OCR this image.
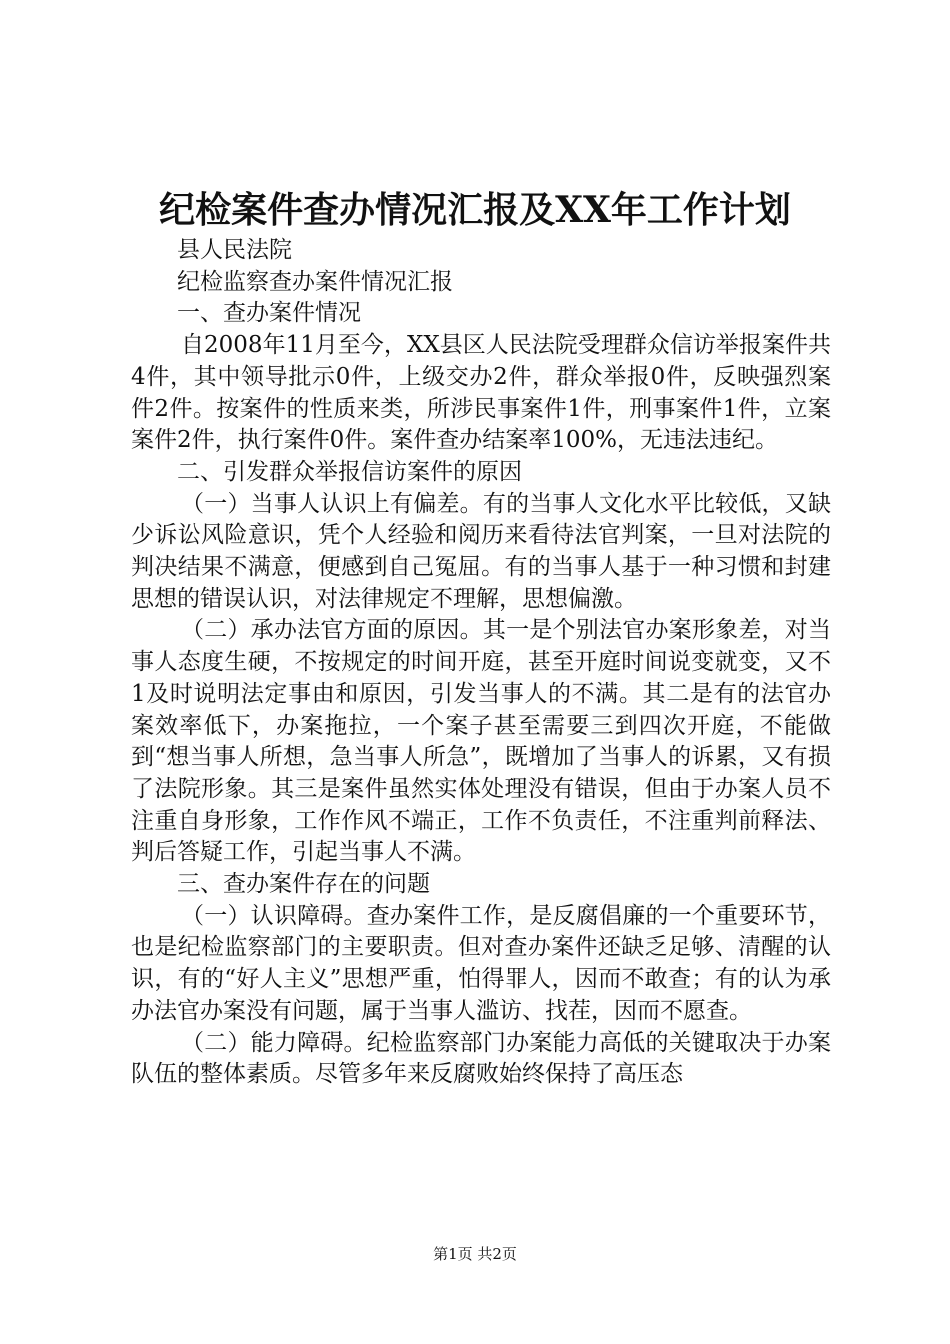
纪检案件查办情况汇报及XX年工作计划

县人民法院

纪检监察查办案件情况汇报

一、查办案件情况

自2008年11月至今，XX县区人民法院受理群众信访举报案件共4件，其中领导批示0件，上级交办2件，群众举报0件，反映强烈案件2件。按案件的性质来类，所涉民事案件1件，刑事案件1件，立案案件2件，执行案件0件。案件查办结案率100%，无违法违纪。

二、引发群众举报信访案件的原因

（一）当事人认识上有偏差。有的当事人文化水平比较低，又缺少诉讼风险意识，凭个人经验和阅历来看待法官判案，一旦对法院的判决结果不满意，便感到自己冤屈。有的当事人基于一种习惯和封建思想的错误认识，对法律规定不理解，思想偏激。

（二）承办法官方面的原因。其一是个别法官办案形象差，对当事人态度生硬，不按规定的时间开庭，甚至开庭时间说变就变，又不1及时说明法定事由和原因，引发当事人的不满。其二是有的法官办案效率低下，办案拖拉，一个案子甚至需要三到四次开庭，不能做到“想当事人所想，急当事人所急”，既增加了当事人的诉累，又有损了法院形象。其三是案件虽然实体处理没有错误，但由于办案人员不注重自身形象，工作作风不端正，工作不负责任，不注重判前释法、判后答疑工作，引起当事人不满。

三、查办案件存在的问题

（一）认识障碍。查办案件工作，是反腐倡廉的一个重要环节，也是纪检监察部门的主要职责。但对查办案件还缺乏足够、清醒的认识，有的“好人主义”思想严重，怕得罪人，因而不敢查；有的认为承办法官办案没有问题，属于当事人滥访、找茬，因而不愿查。

（二）能力障碍。纪检监察部门办案能力高低的关键取决于办案队伍的整体素质。尽管多年来反腐败始终保持了高压态

第1页 共2页
